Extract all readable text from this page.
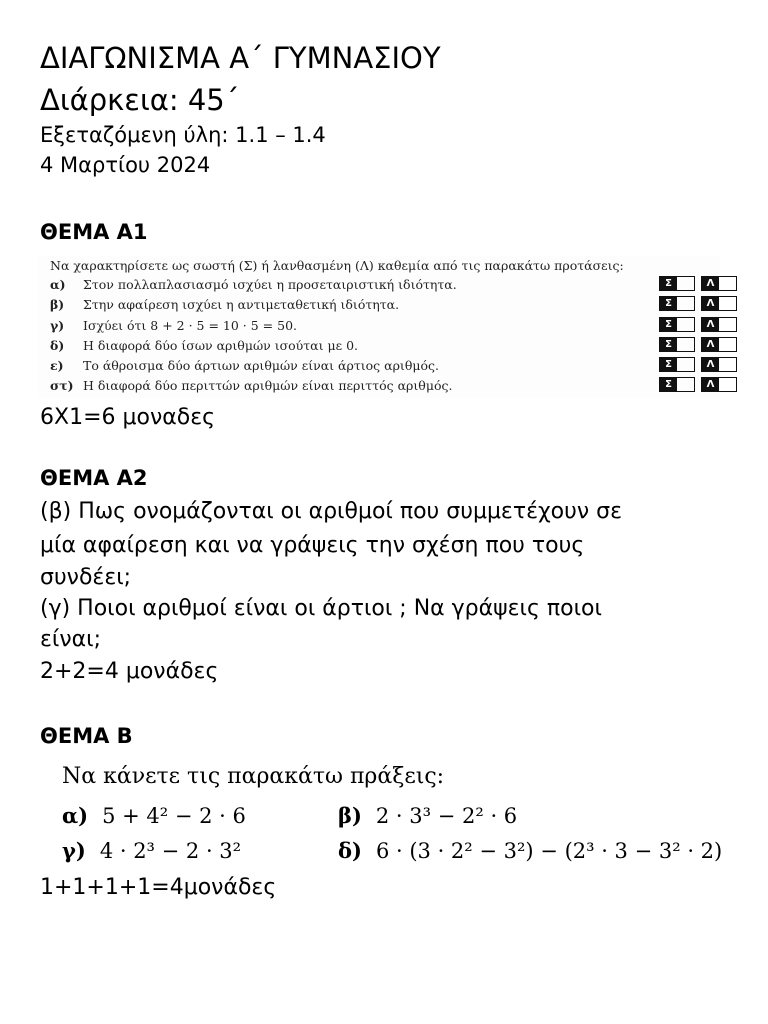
ΔΙΑΓΩΝΙΣΜΑ Α΄ ΓΥΜΝΑΣΙΟΥ
Διάρκεια: 45΄
Εξεταζόμενη ύλη: 1.1 – 1.4
4 Μαρτίου 2024
ΘΕΜΑ Α1
Να χαρακτηρίσετε ως σωστή (Σ) ή λανθασμένη (Λ) καθεμία από τις παρακάτω προτάσεις:
α) Στον πολλαπλασιασμό ισχύει η προσεταιριστική ιδιότητα.	Σ	Λ
β) Στην αφαίρεση ισχύει η αντιμεταθετική ιδιότητα.	Σ	Λ
γ) Ισχύει ότι 8 + 2 · 5 = 10 · 5 = 50.	Σ	Λ
δ) Η διαφορά δύο ίσων αριθμών ισούται με 0.	Σ	Λ
ε) Το άθροισμα δύο άρτιων αριθμών είναι άρτιος αριθμός.	Σ	Λ
στ) Η διαφορά δύο περιττών αριθμών είναι περιττός αριθμός.	Σ	Λ
6Χ1=6 μοναδες
ΘΕΜΑ Α2
(β) Πως ονομάζονται οι αριθμοί που συμμετέχουν σε
μία αφαίρεση και να γράψεις την σχέση που τους
συνδέει;
(γ) Ποιοι αριθμοί είναι οι άρτιοι ; Να γράψεις ποιοι
είναι;
2+2=4 μονάδες
ΘΕΜΑ Β
Να κάνετε τις παρακάτω πράξεις:
α) 5 + 4² − 2 · 6	β) 2 · 3³ − 2² · 6
γ) 4 · 2³ − 2 · 3²	δ) 6 · (3 · 2² − 3²) − (2³ · 3 − 3² · 2)
1+1+1+1=4μονάδες
